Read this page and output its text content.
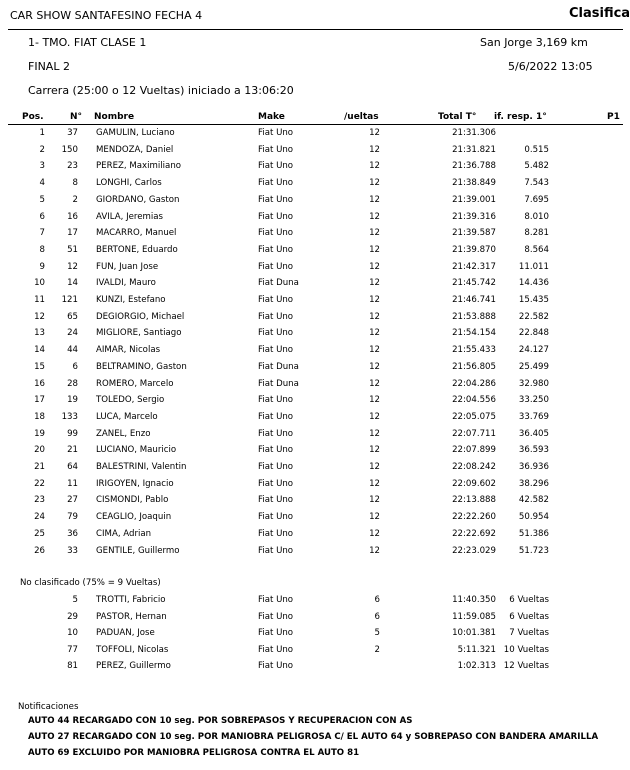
CAR SHOW SANTAFESINO FECHA 4	Clasifica
1- TMO. FIAT CLASE 1	San Jorge 3,169 km
FINAL 2	5/6/2022 13:05
Carrera (25:00 o 12 Vueltas) iniciado a 13:06:20
Pos.	N° Nombre	Make	/ueltas	Total T° if. resp. 1°	P1
1	37 GAMULIN, Luciano	Fiat Uno	12	21:31.306
2	150 MENDOZA, Daniel	Fiat Uno	12	21:31.821	0.515
3	23 PEREZ, Maximiliano	Fiat Uno	12	21:36.788	5.482
4	8 LONGHI, Carlos	Fiat Uno	12	21:38.849	7.543
5	2 GIORDANO, Gaston	Fiat Uno	12	21:39.001	7.695
6	16 AVILA, Jeremias	Fiat Uno	12	21:39.316	8.010
7	17 MACARRO, Manuel	Fiat Uno	12	21:39.587	8.281
8	51 BERTONE, Eduardo	Fiat Uno	12	21:39.870	8.564
9	12 FUN, Juan Jose	Fiat Uno	12	21:42.317	11.011
10	14 IVALDI, Mauro	Fiat Duna	12	21:45.742	14.436
11	121 KUNZI, Estefano	Fiat Uno	12	21:46.741	15.435
12	65 DEGIORGIO, Michael	Fiat Uno	12	21:53.888	22.582
13	24 MIGLIORE, Santiago	Fiat Uno	12	21:54.154	22.848
14	44 AIMAR, Nicolas	Fiat Uno	12	21:55.433	24.127
15	6 BELTRAMINO, Gaston	Fiat Duna	12	21:56.805	25.499
16	28 ROMERO, Marcelo	Fiat Duna	12	22:04.286	32.980
17	19 TOLEDO, Sergio	Fiat Uno	12	22:04.556	33.250
18	133 LUCA, Marcelo	Fiat Uno	12	22:05.075	33.769
19	99 ZANEL, Enzo	Fiat Uno	12	22:07.711	36.405
20	21 LUCIANO, Mauricio	Fiat Uno	12	22:07.899	36.593
21	64 BALESTRINI, Valentin	Fiat Uno	12	22:08.242	36.936
22	11 IRIGOYEN, Ignacio	Fiat Uno	12	22:09.602	38.296
23	27 CISMONDI, Pablo	Fiat Uno	12	22:13.888	42.582
24	79 CEAGLIO, Joaquin	Fiat Uno	12	22:22.260	50.954
25	36 CIMA, Adrian	Fiat Uno	12	22:22.692	51.386
26	33 GENTILE, Guillermo	Fiat Uno	12	22:23.029	51.723
No clasificado (75% = 9 Vueltas)
5 TROTTI, Fabricio	Fiat Uno	6	11:40.350	6 Vueltas
29 PASTOR, Hernan	Fiat Uno	6	11:59.085	6 Vueltas
10 PADUAN, Jose	Fiat Uno	5	10:01.381	7 Vueltas
77 TOFFOLI, Nicolas	Fiat Uno	2	5:11.321 10 Vueltas
81 PEREZ, Guillermo	Fiat Uno	1:02.313 12 Vueltas
Notificaciones
AUTO 44 RECARGADO CON 10 seg. POR SOBREPASOS Y RECUPERACION CON AS
AUTO 27 RECARGADO CON 10 seg. POR MANIOBRA PELIGROSA C/ EL AUTO 64 y SOBREPASO CON BANDERA AMARILLA
AUTO 69 EXCLUIDO POR MANIOBRA PELIGROSA CONTRA EL AUTO 81
